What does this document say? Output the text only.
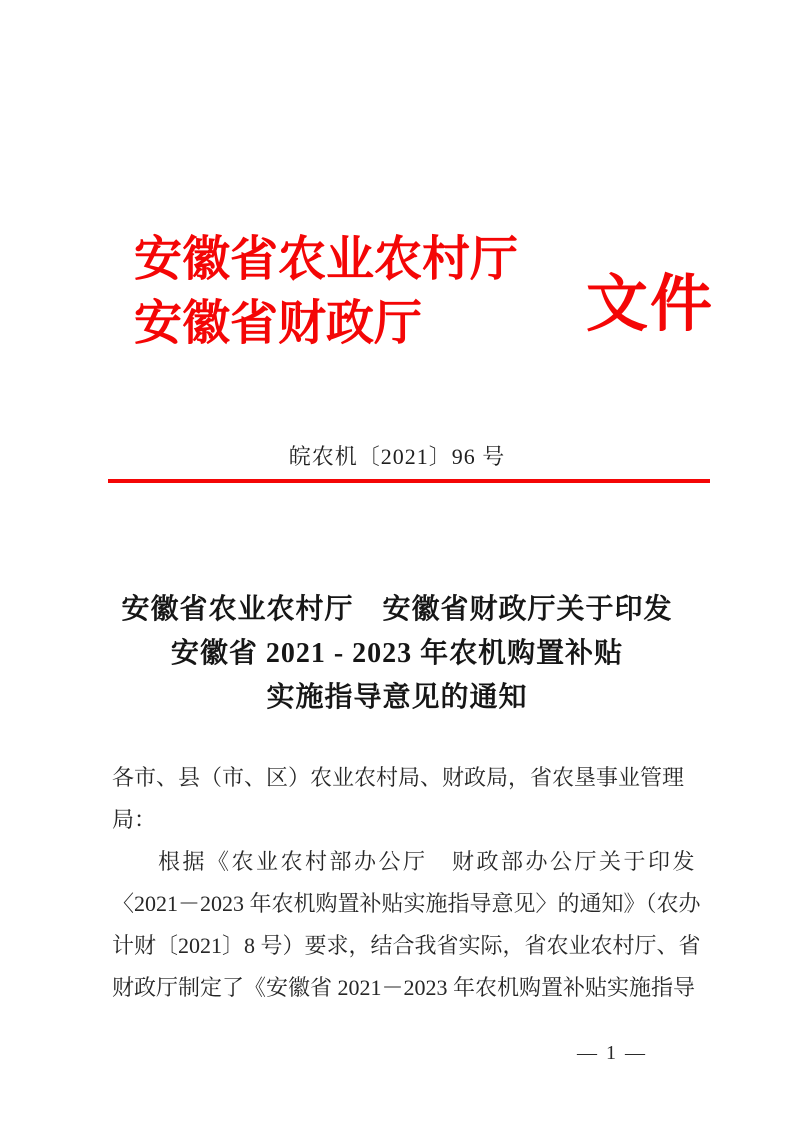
安徽省农业农村厅
安徽省财政厅	文件
皖农机〔2021〕96 号
安徽省农业农村厅　安徽省财政厅关于印发
安徽省 2021 - 2023 年农机购置补贴
实施指导意见的通知
各市、县（市、区）农业农村局、财政局，省农垦事业管理
局：
根据《农业农村部办公厅　财政部办公厅关于印发
〈2021－2023 年农机购置补贴实施指导意见〉的通知》（农办
计财〔2021〕8 号）要求，结合我省实际，省农业农村厅、省
财政厅制定了《安徽省 2021－2023 年农机购置补贴实施指导
— 1 —
